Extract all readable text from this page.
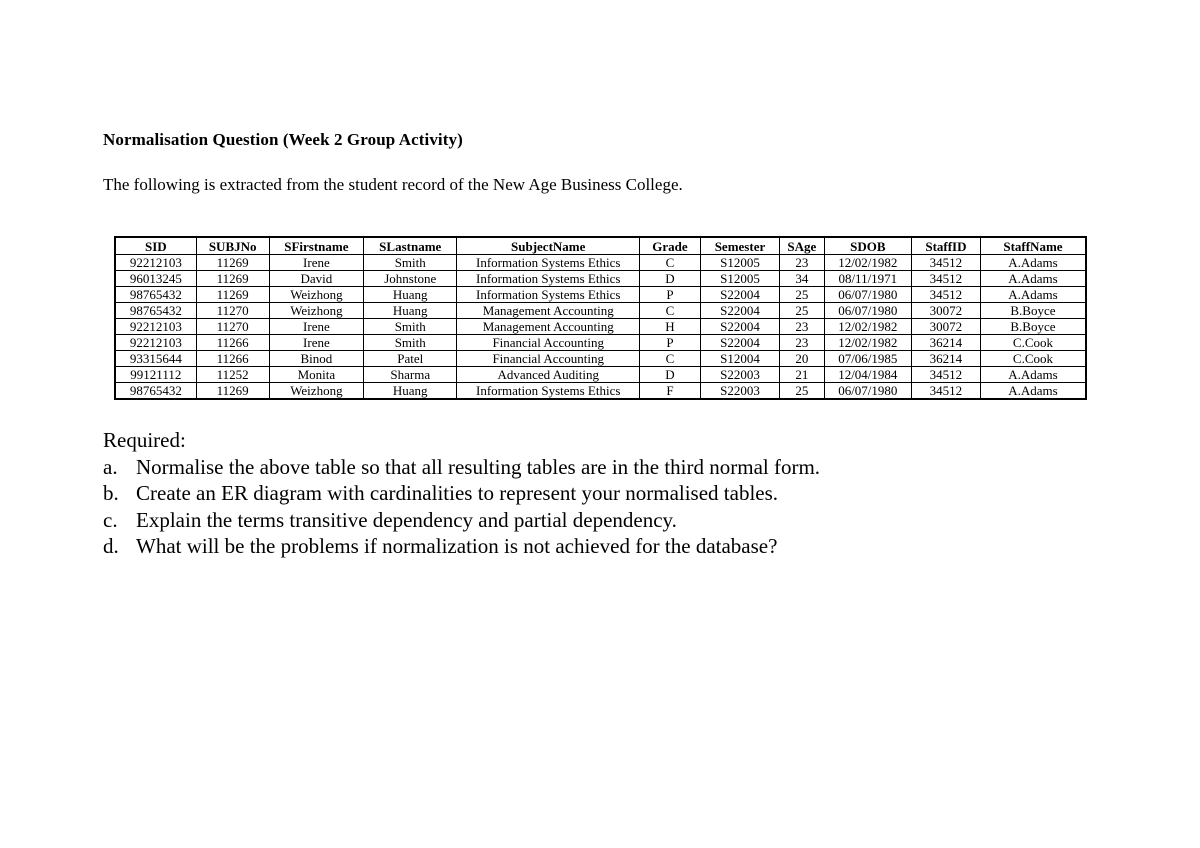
Normalisation Question (Week 2 Group Activity)
The following is extracted from the student record of the New Age Business College.
SID	SUBJNo	SFirstname	SLastname	SubjectName	Grade	Semester	SAge	SDOB	StaffID	StaffName
92212103	11269	Irene	Smith	Information Systems Ethics	C	S12005	23	12/02/1982	34512	A.Adams
96013245	11269	David	Johnstone	Information Systems Ethics	D	S12005	34	08/11/1971	34512	A.Adams
98765432	11269	Weizhong	Huang	Information Systems Ethics	P	S22004	25	06/07/1980	34512	A.Adams
98765432	11270	Weizhong	Huang	Management Accounting	C	S22004	25	06/07/1980	30072	B.Boyce
92212103	11270	Irene	Smith	Management Accounting	H	S22004	23	12/02/1982	30072	B.Boyce
92212103	11266	Irene	Smith	Financial Accounting	P	S22004	23	12/02/1982	36214	C.Cook
93315644	11266	Binod	Patel	Financial Accounting	C	S12004	20	07/06/1985	36214	C.Cook
99121112	11252	Monita	Sharma	Advanced Auditing	D	S22003	21	12/04/1984	34512	A.Adams
98765432	11269	Weizhong	Huang	Information Systems Ethics	F	S22003	25	06/07/1980	34512	A.Adams
Required:
a. Normalise the above table so that all resulting tables are in the third normal form.
b. Create an ER diagram with cardinalities to represent your normalised tables.
c. Explain the terms transitive dependency and partial dependency.
d. What will be the problems if normalization is not achieved for the database?
